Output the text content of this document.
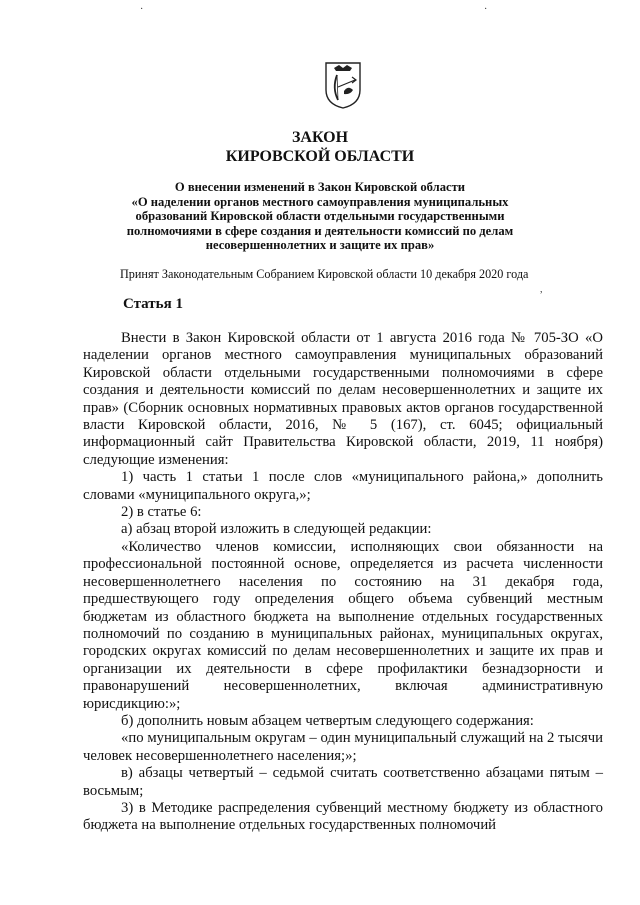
·	·
ЗАКОН
КИРОВСКОЙ ОБЛАСТИ
О внесении изменений в Закон Кировской области
«О наделении органов местного самоуправления муниципальных
образований Кировской области отдельными государственными
полномочиями в сфере создания и деятельности комиссий по делам
несовершеннолетних и защите их прав»
Принят Законодательным Собранием Кировской области 10 декабря 2020 года
,
Статья 1

Внести в Закон Кировской области от 1 августа 2016 года № 705-ЗО «О наделении органов местного самоуправления муниципальных образований Кировской области отдельными государственными полномочиями в сфере создания и деятельности комиссий по делам несовершеннолетних и защите их прав» (Сборник основных нормативных правовых актов органов государственной власти Кировской области, 2016, № 5 (167), ст. 6045; официальный информационный сайт Правительства Кировской области, 2019, 11 ноября) следующие изменения:

1) часть 1 статьи 1 после слов «муниципального района,» дополнить словами «муниципального округа,»;

2) в статье 6:

а) абзац второй изложить в следующей редакции:

«Количество членов комиссии, исполняющих свои обязанности на профессиональной постоянной основе, определяется из расчета численности несовершеннолетнего населения по состоянию на 31 декабря года, предшествующего году определения общего объема субвенций местным бюджетам из областного бюджета на выполнение отдельных государственных полномочий по созданию в муниципальных районах, муниципальных округах, городских округах комиссий по делам несовершеннолетних и защите их прав и организации их деятельности в сфере профилактики безнадзорности и правонарушений несовершеннолетних, включая административную юрисдикцию:»;

б) дополнить новым абзацем четвертым следующего содержания:

«по муниципальным округам – один муниципальный служащий на 2 тысячи человек несовершеннолетнего населения;»;

в) абзацы четвертый – седьмой считать соответственно абзацами пятым – восьмым;

3) в Методике распределения субвенций местному бюджету из областного бюджета на выполнение отдельных государственных полномочий
